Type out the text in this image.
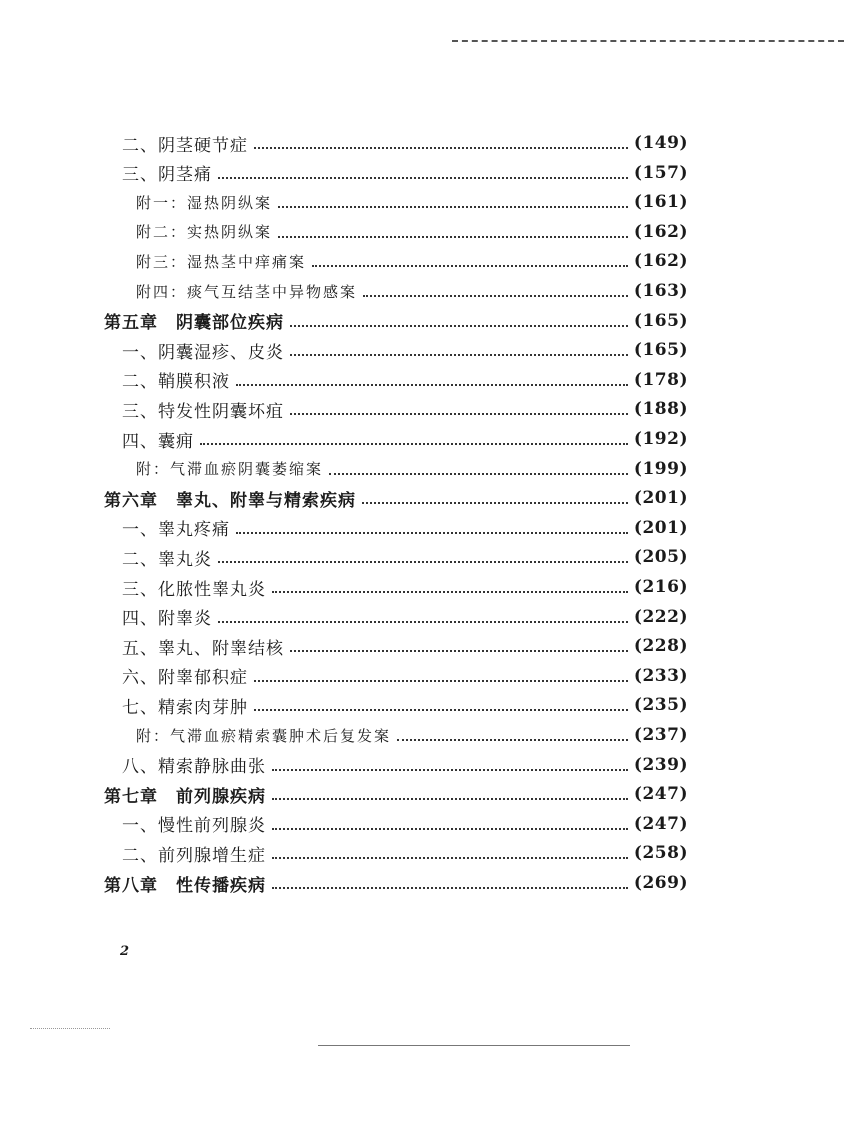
二、阴茎硬节症	(149)
三、阴茎痛	(157)
附一：湿热阴纵案	(161)
附二：实热阴纵案	(162)
附三：湿热茎中痒痛案	(162)
附四：痰气互结茎中异物感案	(163)
第五章　阴囊部位疾病	(165)
一、阴囊湿疹、皮炎	(165)
二、鞘膜积液	(178)
三、特发性阴囊坏疽	(188)
四、囊痈	(192)
附：气滞血瘀阴囊萎缩案	(199)
第六章　睾丸、附睾与精索疾病	(201)
一、睾丸疼痛	(201)
二、睾丸炎	(205)
三、化脓性睾丸炎	(216)
四、附睾炎	(222)
五、睾丸、附睾结核	(228)
六、附睾郁积症	(233)
七、精索肉芽肿	(235)
附：气滞血瘀精索囊肿术后复发案	(237)
八、精索静脉曲张	(239)
第七章　前列腺疾病	(247)
一、慢性前列腺炎	(247)
二、前列腺增生症	(258)
第八章　性传播疾病	(269)
2
